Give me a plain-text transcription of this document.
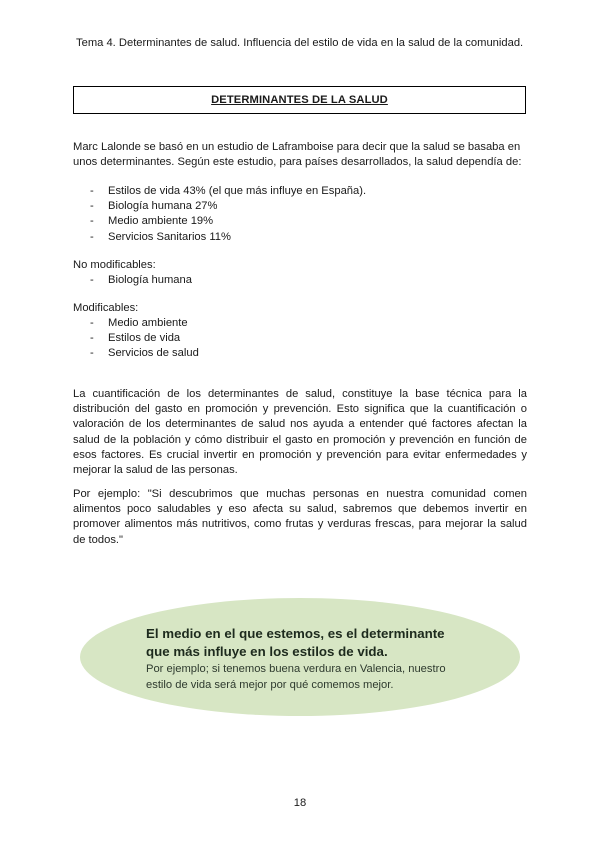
Tema 4. Determinantes de salud. Influencia del estilo de vida en la salud de la comunidad.
DETERMINANTES DE LA SALUD
Marc Lalonde se basó en un estudio de Laframboise para decir que la salud se basaba en unos determinantes. Según este estudio, para países desarrollados, la salud dependía de:
-	Estilos de vida 43% (el que más influye en España).
-	Biología humana 27%
-	Medio ambiente 19%
-	Servicios Sanitarios 11%
No modificables:
-	Biología humana
Modificables:
-	Medio ambiente
-	Estilos de vida
-	Servicios de salud
La cuantificación de los determinantes de salud, constituye la base técnica para la distribución del gasto en promoción y prevención. Esto significa que la cuantificación o valoración de los determinantes de salud nos ayuda a entender qué factores afectan la salud de la población y cómo distribuir el gasto en promoción y prevención en función de esos factores. Es crucial invertir en promoción y prevención para evitar enfermedades y mejorar la salud de las personas.
Por ejemplo: "Si descubrimos que muchas personas en nuestra comunidad comen alimentos poco saludables y eso afecta su salud, sabremos que debemos invertir en promover alimentos más nutritivos, como frutas y verduras frescas, para mejorar la salud de todos."
El medio en el que estemos, es el determinante que más influye en los estilos de vida.
Por ejemplo; si tenemos buena verdura en Valencia, nuestro estilo de vida será mejor por qué comemos mejor.
18
